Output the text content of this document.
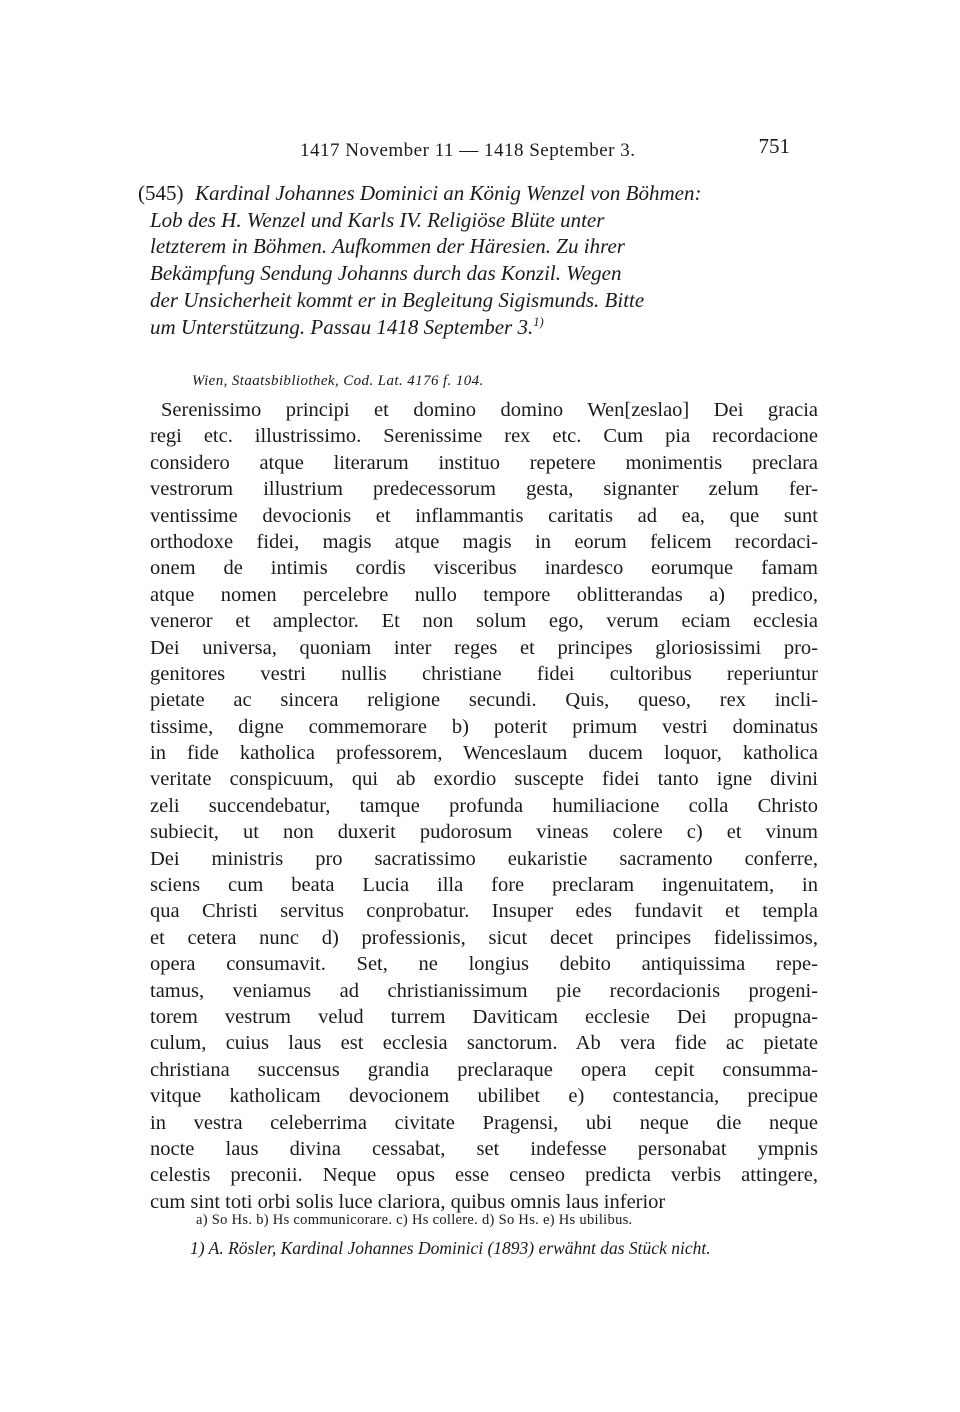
1417 November 11 — 1418 September 3.	751
(545) Kardinal Johannes Dominici an König Wenzel von Böhmen:
Lob des H. Wenzel und Karls IV. Religiöse Blüte unter
letzterem in Böhmen. Aufkommen der Häresien. Zu ihrer
Bekämpfung Sendung Johanns durch das Konzil. Wegen
der Unsicherheit kommt er in Begleitung Sigismunds. Bitte
um Unterstützung. Passau 1418 September 3.$^{1)}$
Wien, Staatsbibliothek, Cod. Lat. 4176 f. 104.
Serenissimo principi et domino domino Wen[zeslao] Dei gracia
regi etc. illustrissimo. Serenissime rex etc. Cum pia recordacione
considero atque literarum instituo repetere monimentis preclara
vestrorum illustrium predecessorum gesta, signanter zelum fer-
ventissime devocionis et inflammantis caritatis ad ea, que sunt
orthodoxe fidei, magis atque magis in eorum felicem recordaci-
onem de intimis cordis visceribus inardesco eorumque famam
atque nomen percelebre nullo tempore oblitterandas a) predico,
veneror et amplector. Et non solum ego, verum eciam ecclesia
Dei universa, quoniam inter reges et principes gloriosissimi pro-
genitores vestri nullis christiane fidei cultoribus reperiuntur
pietate ac sincera religione secundi. Quis, queso, rex incli-
tissime, digne commemorare b) poterit primum vestri dominatus
in fide katholica professorem, Wenceslaum ducem loquor, katholica
veritate conspicuum, qui ab exordio suscepte fidei tanto igne divini
zeli succendebatur, tamque profunda humiliacione colla Christo
subiecit, ut non duxerit pudorosum vineas colere c) et vinum
Dei ministris pro sacratissimo eukaristie sacramento conferre,
sciens cum beata Lucia illa fore preclaram ingenuitatem, in
qua Christi servitus conprobatur. Insuper edes fundavit et templa
et cetera nunc d) professionis, sicut decet principes fidelissimos,
opera consumavit. Set, ne longius debito antiquissima repe-
tamus, veniamus ad christianissimum pie recordacionis progeni-
torem vestrum velud turrem Daviticam ecclesie Dei propugna-
culum, cuius laus est ecclesia sanctorum. Ab vera fide ac pietate
christiana succensus grandia preclaraque opera cepit consumma-
vitque katholicam devocionem ubilibet e) contestancia, precipue
in vestra celeberrima civitate Pragensi, ubi neque die neque
nocte laus divina cessabat, set indefesse personabat ympnis
celestis preconii. Neque opus esse censeo predicta verbis attingere,
cum sint toti orbi solis luce clariora, quibus omnis laus inferior
a) So Hs. b) Hs communicorare. c) Hs collere. d) So Hs. e) Hs ubilibus.
1) A. Rösler, Kardinal Johannes Dominici (1893) erwähnt das Stück nicht.
